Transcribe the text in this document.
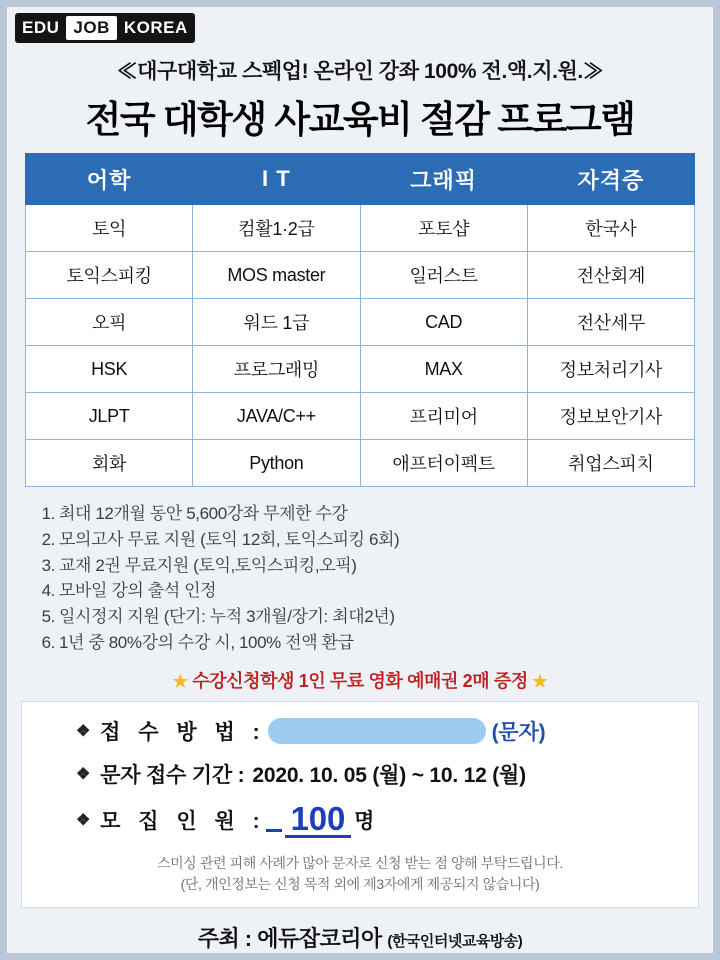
EDU JOB KOREA
≪대구대학교 스펙업! 온라인 강좌 100% 전.액.지.원.≫
전국 대학생 사교육비 절감 프로그램
어학	I T	그래픽	자격증
토익	컴활1·2급	포토샵	한국사
토익스피킹	MOS master	일러스트	전산회계
오픽	워드 1급	CAD	전산세무
HSK	프로그래밍	MAX	정보처리기사
JLPT	JAVA/C++	프리미어	정보보안기사
회화	Python	애프터이펙트	취업스피치
1. 최대 12개월 동안 5,600강좌 무제한 수강
2. 모의고사 무료 지원 (토익 12회, 토익스피킹 6회)
3. 교재 2권 무료지원 (토익,토익스피킹,오픽)
4. 모바일 강의 출석 인정
5. 일시정지 지원 (단기: 누적 3개월/장기: 최대2년)
6. 1년 중 80%강의 수강 시, 100% 전액 환급
★ 수강신청학생 1인 무료 영화 예매권 2매 증정 ★
❖ 접 수 방 법 :	(문자)
❖ 문자 접수 기간 : 2020. 10. 05 (월) ~ 10. 12 (월)
❖ 모 집 인 원 : 100 명
스미싱 관련 피해 사례가 많아 문자로 신청 받는 점 양해 부탁드립니다.
(단, 개인정보는 신청 목적 외에 제3자에게 제공되지 않습니다)
주최 : 에듀잡코리아 (한국인터넷교육방송)
